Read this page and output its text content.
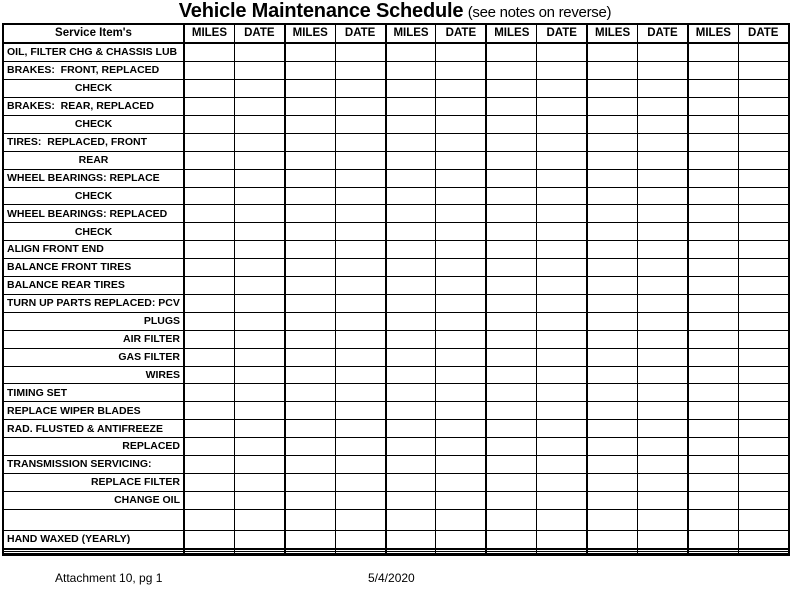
Vehicle Maintenance Schedule (see notes on reverse)
Service Item's	MILES	DATE	MILES	DATE	MILES	DATE	MILES	DATE	MILES	DATE	MILES	DATE
OIL, FILTER CHG & CHASSIS LUB												
BRAKES:  FRONT, REPLACED												
CHECK												
BRAKES:  REAR, REPLACED												
CHECK												
TIRES:  REPLACED, FRONT												
REAR												
WHEEL BEARINGS: REPLACE												
CHECK												
WHEEL BEARINGS: REPLACED												
CHECK												
ALIGN FRONT END												
BALANCE FRONT TIRES												
BALANCE REAR TIRES												
TURN UP PARTS REPLACED: PCV												
PLUGS												
AIR FILTER												
GAS FILTER												
WIRES												
TIMING SET												
REPLACE WIPER BLADES												
RAD. FLUSTED & ANTIFREEZE												
REPLACED												
TRANSMISSION SERVICING:												
REPLACE FILTER												
CHANGE OIL												

HAND WAXED (YEARLY)												

Attachment 10, pg 1	5/4/2020
